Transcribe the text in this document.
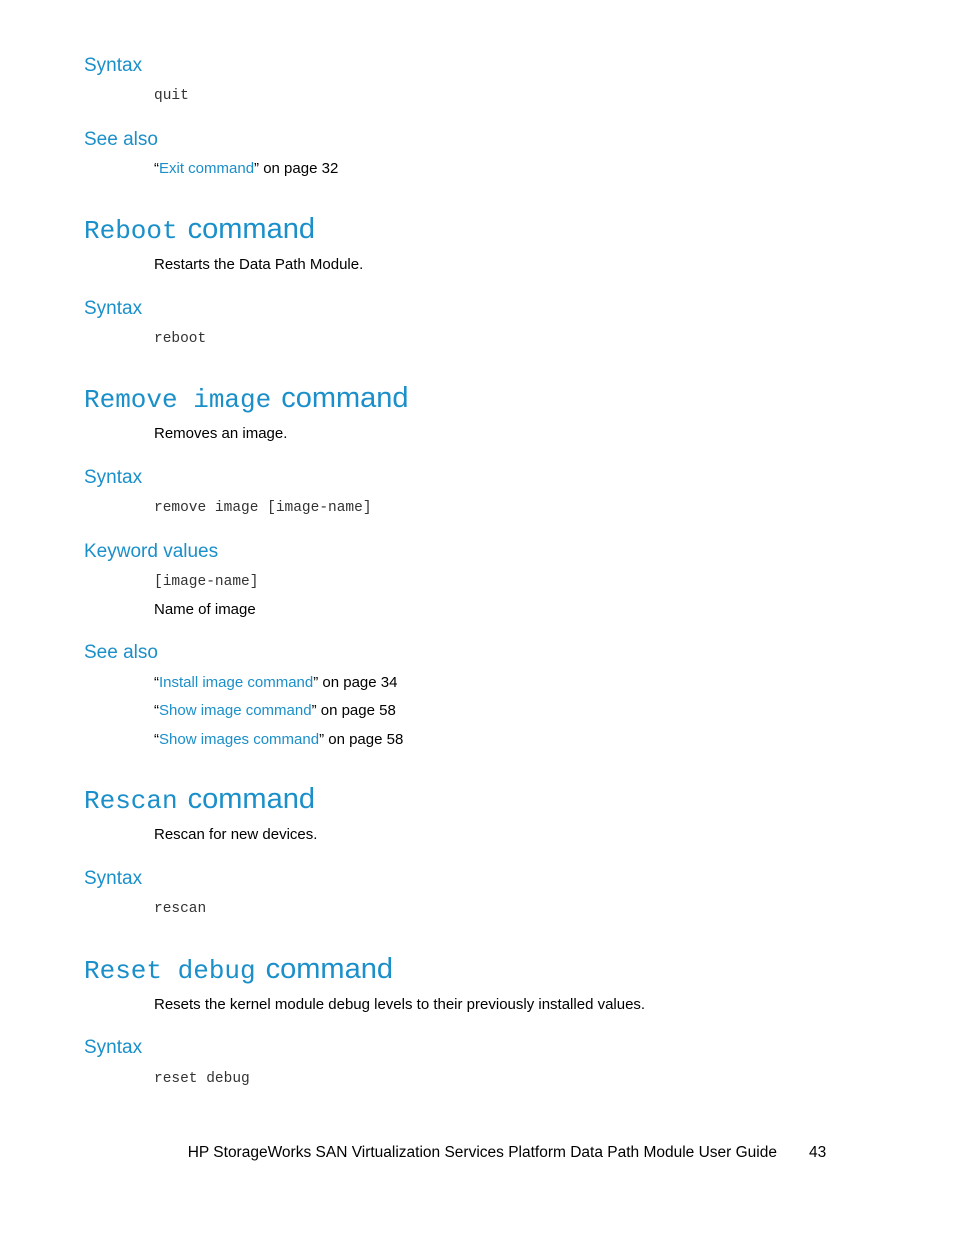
Syntax
quit
See also
“Exit command” on page 32
Reboot command
Restarts the Data Path Module.
Syntax
reboot
Remove image command
Removes an image.
Syntax
remove image [image-name]
Keyword values
[image-name]
Name of image
See also
“Install image command” on page 34
“Show image command” on page 58
“Show images command” on page 58
Rescan command
Rescan for new devices.
Syntax
rescan
Reset debug command
Resets the kernel module debug levels to their previously installed values.
Syntax
reset debug
HP StorageWorks SAN Virtualization Services Platform Data Path Module User Guide 43
